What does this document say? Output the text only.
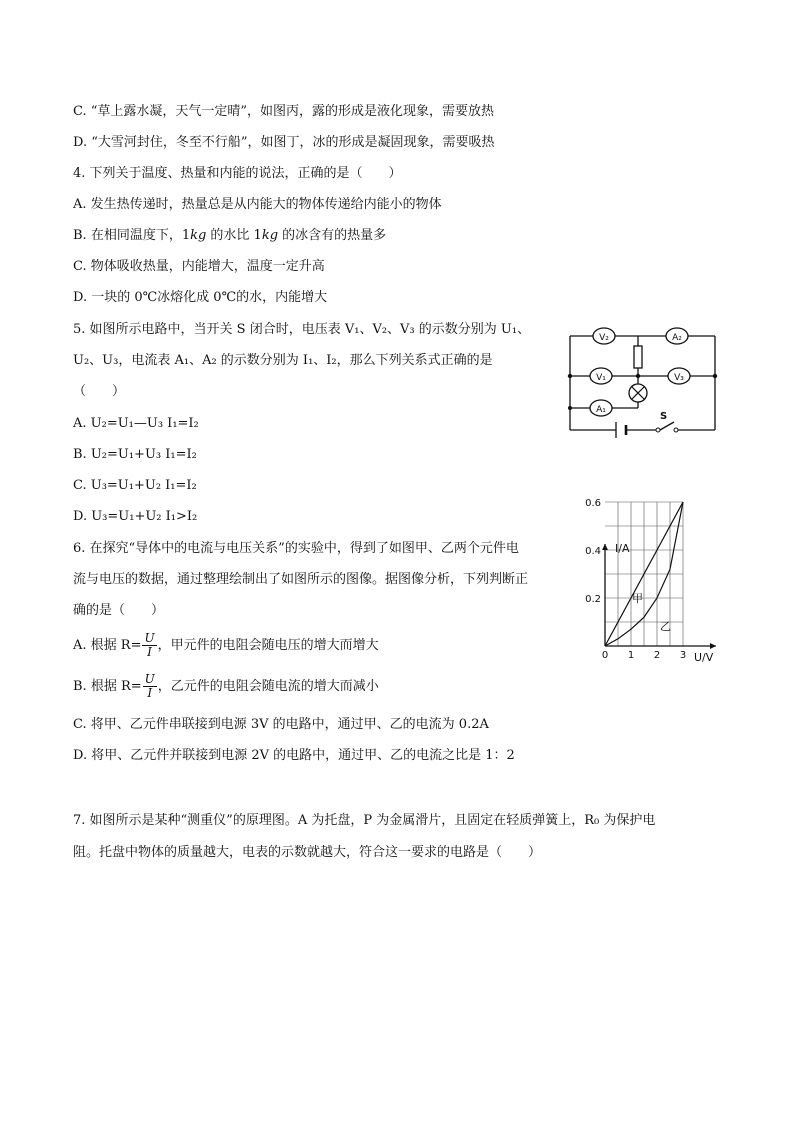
C. “草上露水凝，天气一定晴”，如图丙，露的形成是液化现象，需要放热
D. “大雪河封住，冬至不行船”，如图丁，冰的形成是凝固现象，需要吸热
4. 下列关于温度、热量和内能的说法，正确的是（　　）
A. 发生热传递时，热量总是从内能大的物体传递给内能小的物体
B. 在相同温度下，1kg 的水比 1kg 的冰含有的热量多
C. 物体吸收热量，内能增大，温度一定升高
D. 一块的 0℃冰熔化成 0℃的水，内能增大
5. 如图所示电路中，当开关 S 闭合时，电压表 V₁、V₂、V₃ 的示数分别为 U₁、
U₂、U₃，电流表 A₁、A₂ 的示数分别为 I₁、I₂，那么下列关系式正确的是
（　　）
A. U₂=U₁—U₃ I₁=I₂
B. U₂=U₁+U₃ I₁=I₂
C. U₃=U₁+U₂ I₁=I₂
D. U₃=U₁+U₂ I₁>I₂
6. 在探究“导体中的电流与电压关系”的实验中，得到了如图甲、乙两个元件电
流与电压的数据，通过整理绘制出了如图所示的图像。据图像分析，下列判断正
确的是（　　）
A. 根据 $R= \frac{U}{I}$ ，甲元件的电阻会随电压的增大而增大
B. 根据 $R= \frac{U}{I}$ ，乙元件的电阻会随电流的增大而减小
C. 将甲、乙元件串联接到电源 3V 的电路中，通过甲、乙的电流为 0.2A
D. 将甲、乙元件并联接到电源 2V 的电路中，通过甲、乙的电流之比是 1：2
7. 如图所示是某种“测重仪”的原理图。A 为托盘，P 为金属滑片，且固定在轻质弹簧上，R₀ 为保护电
阻。托盘中物体的质量越大，电表的示数就越大，符合这一要求的电路是（　　）
S
V₂	A₂
V₁	V₃
A₁
I/A
U/V
0 1 2 3
0.2
0.4
0.6
甲
乙
